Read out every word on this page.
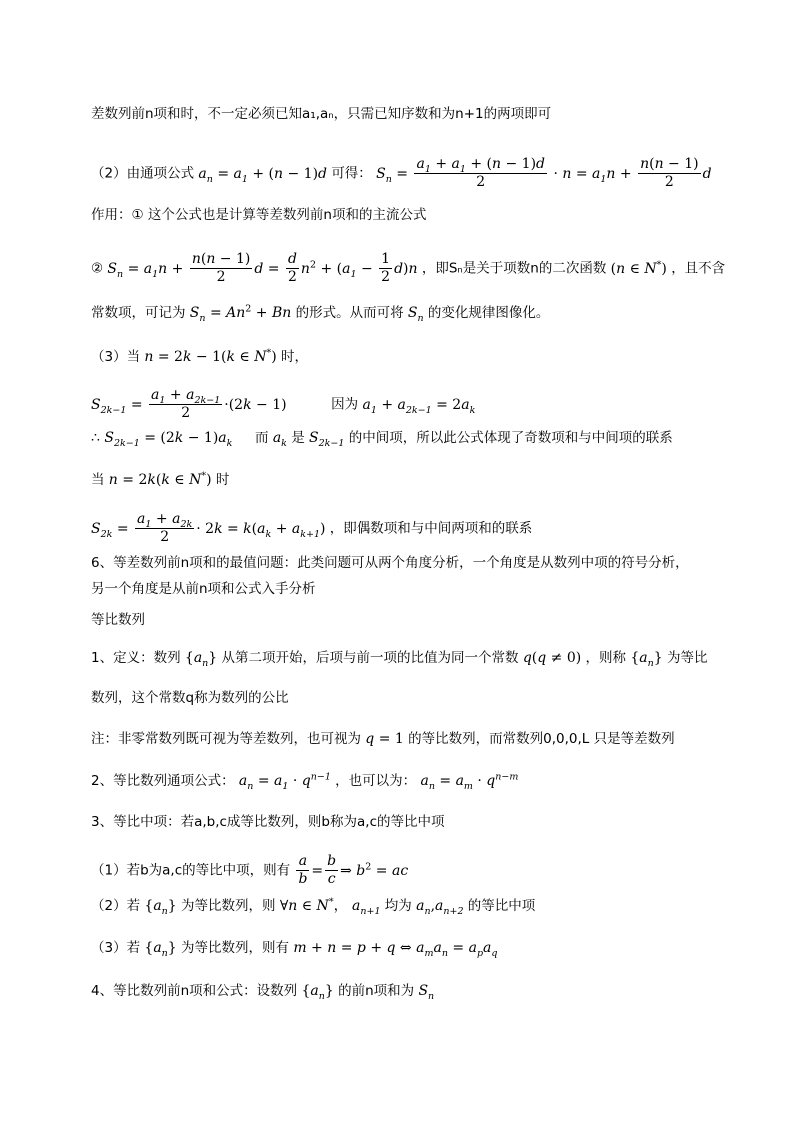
差数列前n项和时，不一定必须已知a₁,aₙ，只需已知序数和为n+1的两项即可
（2）由通项公式 $a_n = a_1 + (n - 1)d$ 可得： $S_n = \frac{a_1 + a_1 + (n - 1)d}{2} \cdot n = a_1n + \frac{n(n - 1)}{2}$ d
作用：① 这个公式也是计算等差数列前n项和的主流公式
② $S_n = a_1n + \frac{n(n - 1)}{2}$ $d = \frac{d}{2} n^2 + (a_1 - \frac{1}{2} d)n$ ，即Sₙ是关于项数n的二次函数 (n ∈ N*) ，且不含
常数项，可记为 $S_n = An^2 + Bn$ 的形式。从而可将 $S_n$ 的变化规律图像化。
（3）当 n = 2k − 1(k ∈ N*) 时，
$S_{2k-1} = \frac{a_1 + a_{2k-1}}{2} \cdot(2k - 1)$	因为 $a_1 + a_{2k-1} = 2a_k$
∴ $S_{2k-1} = (2k - 1)a_k$ 而 $a_k$ 是 $S_{2k-1}$ 的中间项，所以此公式体现了奇数项和与中间项的联系
当 n = 2k(k ∈ N*) 时
$S_{2k} = \frac{a_1 + a_{2k}}{2} \cdot 2k = k(a_k + a_{k+1})$ ，即偶数项和与中间两项和的联系
6、等差数列前n项和的最值问题：此类问题可从两个角度分析，一个角度是从数列中项的符号分析，
另一个角度是从前n项和公式入手分析
等比数列
1、定义：数列 $\{a_n\}$ 从第二项开始，后项与前一项的比值为同一个常数 q(q ≠ 0) ，则称 $\{a_n\}$ 为等比
数列，这个常数q称为数列的公比
注：非零常数列既可视为等差数列，也可视为 q = 1 的等比数列，而常数列0,0,0,L 只是等差数列
2、等比数列通项公式： $a_n = a_1 \cdot q^{n-1}$ ，也可以为： $a_n = a_m \cdot q^{n-m}$
3、等比中项：若a,b,c成等比数列，则b称为a,c的等比中项
（1）若b为a,c的等比中项，则有 $\frac{a}{b} = \frac{b}{c}$ ⇒ $b^2$ = ac
（2）若 $\{a_n\}$ 为等比数列，则 ∀n ∈ N*， $a_{n+1}$ 均为 $a_n,a_{n+2}$ 的等比中项
（3）若 $\{a_n\}$ 为等比数列，则有 m + n = p + q ⇔ $a_ma_n = a_pa_q$
4、等比数列前n项和公式：设数列 $\{a_n\}$ 的前n项和为 $S_n$
